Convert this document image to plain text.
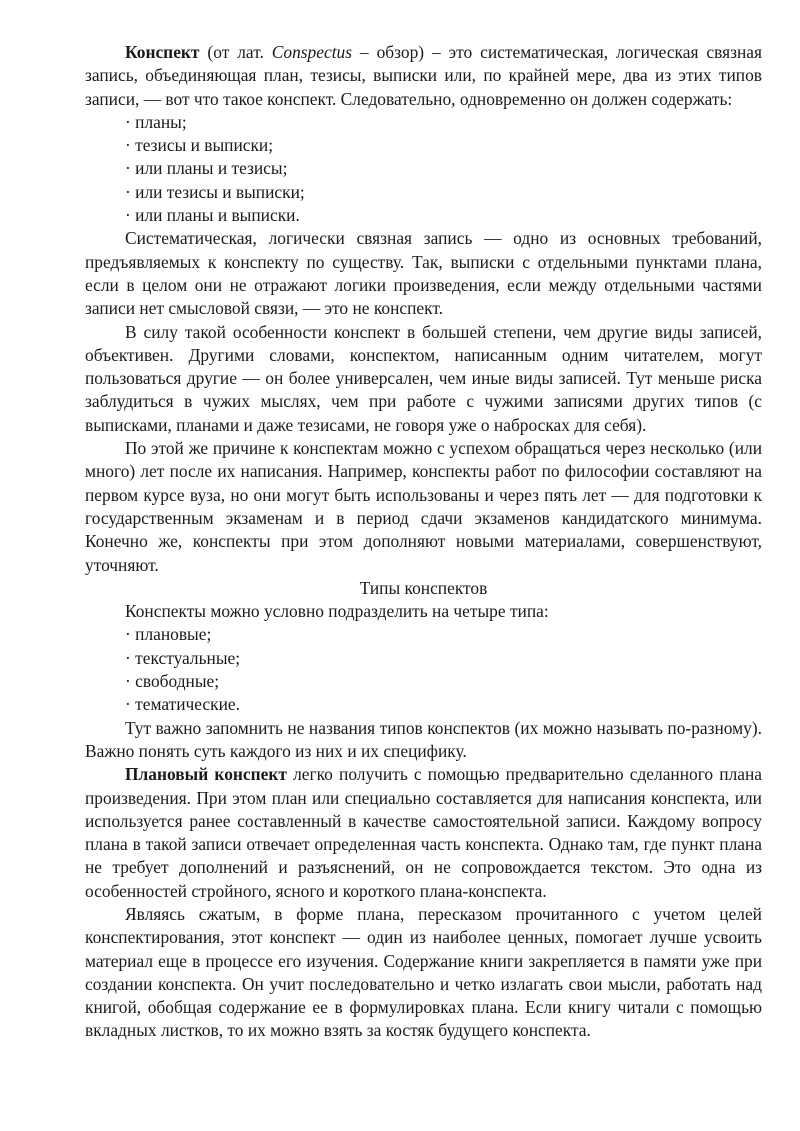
Конспект (от лат. Conspectus – обзор) – это систематическая, логическая связная запись, объединяющая план, тезисы, выписки или, по крайней мере, два из этих типов записи, — вот что такое конспект. Следовательно, одновременно он должен содержать:

· планы;
· тезисы и выписки;
· или планы и тезисы;
· или тезисы и выписки;
· или планы и выписки.

Систематическая, логически связная запись — одно из основных требований, предъявляемых к конспекту по существу. Так, выписки с отдельными пунктами плана, если в целом они не отражают логики произведения, если между отдельными частями записи нет смысловой связи, — это не конспект.

В силу такой особенности конспект в большей степени, чем другие виды записей, объективен. Другими словами, конспектом, написанным одним читателем, могут пользоваться другие — он более универсален, чем иные виды записей. Тут меньше риска заблудиться в чужих мыслях, чем при работе с чужими записями других типов (с выписками, планами и даже тезисами, не говоря уже о набросках для себя).

По этой же причине к конспектам можно с успехом обращаться через несколько (или много) лет после их написания. Например, конспекты работ по философии составляют на первом курсе вуза, но они могут быть использованы и через пять лет — для подготовки к государственным экзаменам и в период сдачи экзаменов кандидатского минимума. Конечно же, конспекты при этом дополняют новыми материалами, совершенствуют, уточняют.

Типы конспектов

Конспекты можно условно подразделить на четыре типа:

· плановые;
· текстуальные;
· свободные;
· тематические.

Тут важно запомнить не названия типов конспектов (их можно называть по-разному). Важно понять суть каждого из них и их специфику.

Плановый конспект легко получить с помощью предварительно сделанного плана произведения. При этом план или специально составляется для написания конспекта, или используется ранее составленный в качестве самостоятельной записи. Каждому вопросу плана в такой записи отвечает определенная часть конспекта. Однако там, где пункт плана не требует дополнений и разъяснений, он не сопровождается текстом. Это одна из особенностей стройного, ясного и короткого плана-конспекта.

Являясь сжатым, в форме плана, пересказом прочитанного с учетом целей конспектирования, этот конспект — один из наиболее ценных, помогает лучше усвоить материал еще в процессе его изучения. Содержание книги закрепляется в памяти уже при создании конспекта. Он учит последовательно и четко излагать свои мысли, работать над книгой, обобщая содержание ее в формулировках плана. Если книгу читали с помощью вкладных листков, то их можно взять за костяк будущего конспекта.
